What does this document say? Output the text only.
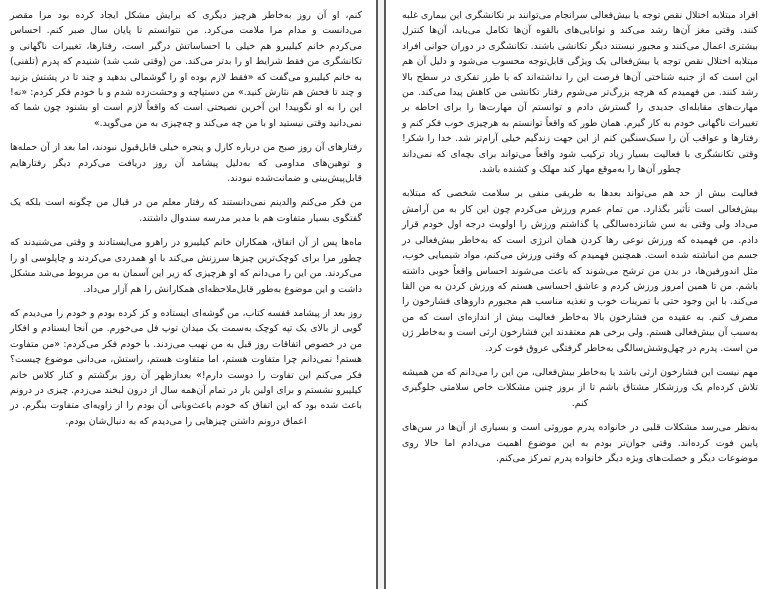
کنم، او آن روز به‌خاطر هرچیز دیگری که برایش مشکل ایجاد کرده بود مرا مقصر می‌دانست و مدام مرا ملامت می‌کرد. من نتوانستم تا پایان سال صبر کنم. احساس می‌کردم خانم کیلیبرو هم خیلی با احساساتش درگیر است، رفتارها، تغییرات ناگهانی و تکانشگری من فقط شرایط او را بدتر می‌کند. من (وقتی شب شد) شنیدم که پدرم (تلفنی) به خانم کیلیبرو می‌گفت که «فقط لازم بوده او را گوشمالی بدهید و چند تا در پشتش بزنید و چند تا فحش هم نثارش کنید.» من دستپاچه و وحشت‌زده شدم و با خودم فکر کردم: «نه! این را به او نگویید! این آخرین نصیحتی است که واقعاً لازم است او بشنود چون شما که نمی‌دانید وقتی نیستید او با من چه می‌کند و چه‌چیزی به من می‌گوید.»

رفتارهای آن روز صبح من درباره کارل و پنجره خیلی قابل‌قبول نبودند، اما بعد از آن حمله‌ها و توهین‌های مداومی که به‌دلیل پیشامد آن روز دریافت می‌کردم دیگر رفتارهایم قابل‌پیش‌بینی و ضمانت‌شده نبودند.

من فکر می‌کنم والدینم نمی‌دانستند که رفتار معلم من در قبال من چگونه است بلکه یک گفتگوی بسیار متفاوت هم با مدیر مدرسه سندوال داشتند.

ماه‌ها پس از آن اتفاق، همکاران خانم کیلیبرو در راهرو می‌ایستادند و وقتی می‌شنیدند که چطور مرا برای کوچک‌ترین چیزها سرزنش می‌کند با او همدردی می‌کردند و چاپلوسی او را می‌کردند. من این را می‌دانم که او هرچیزی که زیر این آسمان به من مربوط می‌شد مشکل داشت و این موضوع به‌طور قابل‌ملاحظه‌ای همکارانش را هم آزار می‌داد.

روز بعد از پیشامد قفسه کتاب، من گوشه‌ای ایستاده و کز کرده بودم و خودم را می‌دیدم که گویی از بالای یک تپه کوچک به‌سمت یک میدان توپ فل می‌خورم. من آنجا ایستادم و افکار من در خصوص اتفاقات روز قبل به من نهیب می‌زدند. با خودم فکر می‌کردم: «من متفاوت هستم! نمی‌دانم چرا متفاوت هستم، اما متفاوت هستم، راستش، می‌دانی موضوع چیست؟ فکر می‌کنم این تفاوت را دوست دارم!» بعدازظهر آن روز برگشتم و کنار کلاس خانم کیلیبرو نشستم و برای اولین بار در تمام آن‌همه سال از درون لبخند می‌زدم. چیزی در درونم باعث شده بود که این اتفاق که خودم باعث‌وبانی آن بودم را از زاویه‌ای متفاوت بنگرم. در اعماق درونم داشتن چیزهایی را می‌دیدم که به دنبال‌شان بودم.

افراد مبتلابه اختلال نقص توجه یا بیش‌فعالی سرانجام می‌توانند بر تکانشگری این بیماری غلبه کنند. وقتی مغز آن‌ها رشد می‌کند و توانایی‌های بالقوه آن‌ها تکامل می‌یابد، آن‌ها کنترل بیشتری اعمال می‌کنند و مجبور نیستند دیگر تکانشی باشند. تکانشگری در دوران جوانی افراد مبتلابه اختلال نقص توجه یا بیش‌فعالی یک ویژگی قابل‌توجه محسوب می‌شود و دلیل آن هم این است که از جنبه شناختی آن‌ها فرصت این را نداشته‌اند که با طرز تفکری در سطح بالا رشد کنند. من فهمیدم که هرچه بزرگ‌تر می‌شوم رفتار تکانشی من کاهش پیدا می‌کند. من مهارت‌های مقابله‌ای جدیدی را گسترش دادم و توانستم آن مهارت‌ها را برای احاطه بر تغییرات ناگهانی خودم به کار گیرم. همان طور که واقعاً توانستم به هرچیزی خوب فکر کنم و رفتارها و عواقب آن را سبک‌سنگین کنم از این جهت زندگیم خیلی آرام‌تر شد. خدا را شکر! وقتی تکانشگری با فعالیت بسیار زیاد ترکیب شود واقعاً می‌تواند برای بچه‌ای که نمی‌داند چطور آن‌ها را به‌موقع مهار کند مهلک و کشنده باشد.

فعالیت بیش از حد هم می‌تواند بعدها به طریقی منفی بر سلامت شخصی که مبتلابه بیش‌فعالی است تأثیر بگذارد. من تمام عمرم ورزش می‌کردم چون این کار به من آرامش می‌داد ولی وقتی به سن شانزده‌سالگی پا گذاشتم ورزش را اولویت درجه اول خودم قرار دادم. من فهمیده که ورزش نوعی رها کردن همان انرژی است که به‌خاطر بیش‌فعالی در جسم من انباشته شده است. همچنین فهمیدم که وقتی ورزش می‌کنم، مواد شیمیایی خوب، مثل اندورفین‌ها، در بدن من ترشح می‌شوند که باعث می‌شوند احساس واقعاً خوبی داشته باشم. من تا همین امروز ورزش کردم و عاشق احساسی هستم که ورزش کردن به من القا می‌کند. با این وجود حتی با تمرینات خوب و تغذیه مناسب هم مجبورم داروهای فشارخون را مصرف کنم. به عقیده من فشارخون بالا به‌خاطر فعالیت بیش از اندازه‌ای است که من به‌سبب آن بیش‌فعالی هستم. ولی برخی هم معتقدند این فشارخون ارثی است و به‌خاطر ژن من است. پدرم در چهل‌وشش‌سالگی به‌خاطر گرفتگی عروق فوت کرد.

مهم نیست این فشارخون ارثی باشد یا به‌خاطر بیش‌فعالی، من این را می‌دانم که من همیشه تلاش کرده‌ام یک ورزشکار مشتاق باشم تا از بروز چنین مشکلات خاص سلامتی جلوگیری کنم.

به‌نظر می‌رسد مشکلات قلبی در خانواده پدرم موروثی است و بسیاری از آن‌ها در سن‌های پایین فوت کرده‌اند. وقتی جوان‌تر بودم به این موضوع اهمیت می‌دادم اما حالا روی موضوعات دیگر و خصلت‌های ویژه دیگر خانواده پدرم تمرکز می‌کنم.
